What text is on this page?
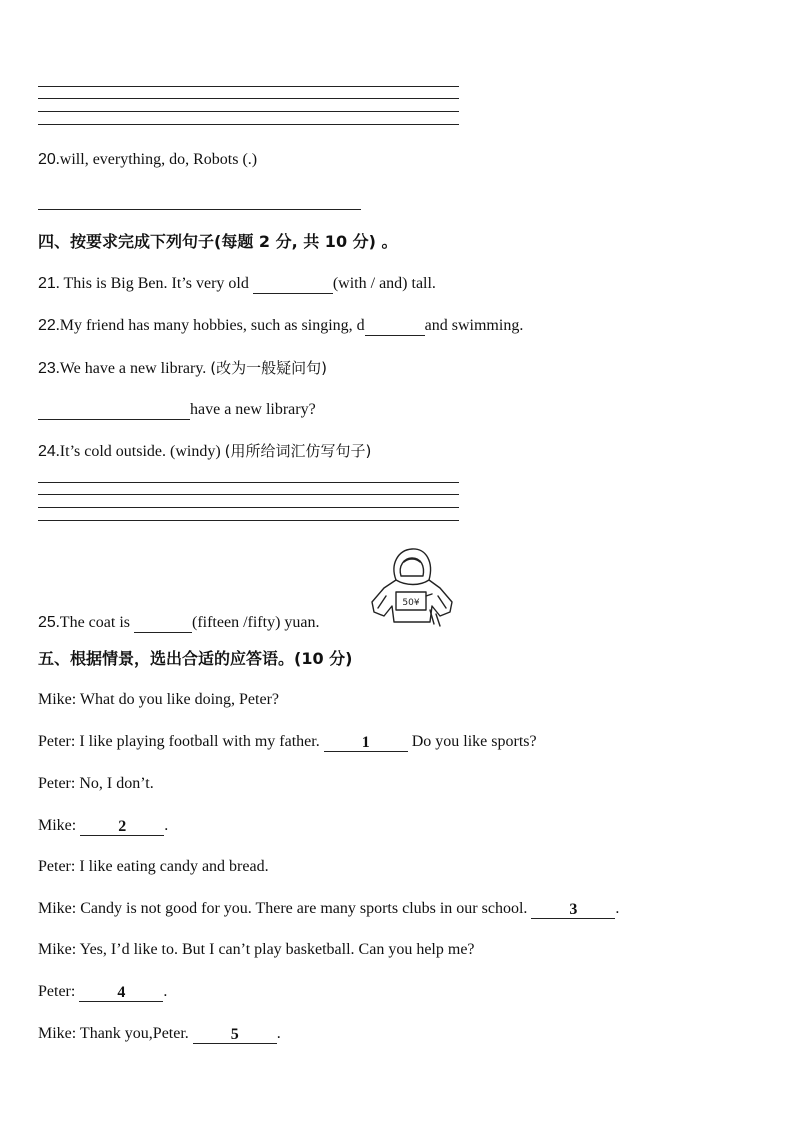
20.will, everything, do, Robots (.)
四、按要求完成下列句子(每题 2 分, 共 10 分) 。
21. This is Big Ben. It’s very old	(with / and) tall.
22.My friend has many hobbies, such as singing, d	and swimming.
23.We have a new library. (改为一般疑问句)
have a new library?
24.It’s cold outside. (windy) (用所给词汇仿写句子)
25.The coat is	(fifteen /fifty) yuan.
50¥
五、根据情景，选出合适的应答语。(10 分)
Mike: What do you like doing, Peter?
Peter: I like playing football with my father. 1 Do you like sports?
Peter: No, I don’t.
Mike:	2 .
Peter: I like eating candy and bread.
Mike: Candy is not good for you. There are many sports clubs in our school. 3 .
Mike: Yes, I’d like to. But I can’t play basketball. Can you help me?
Peter:	4 .
Mike: Thank you,Peter. 5 .
